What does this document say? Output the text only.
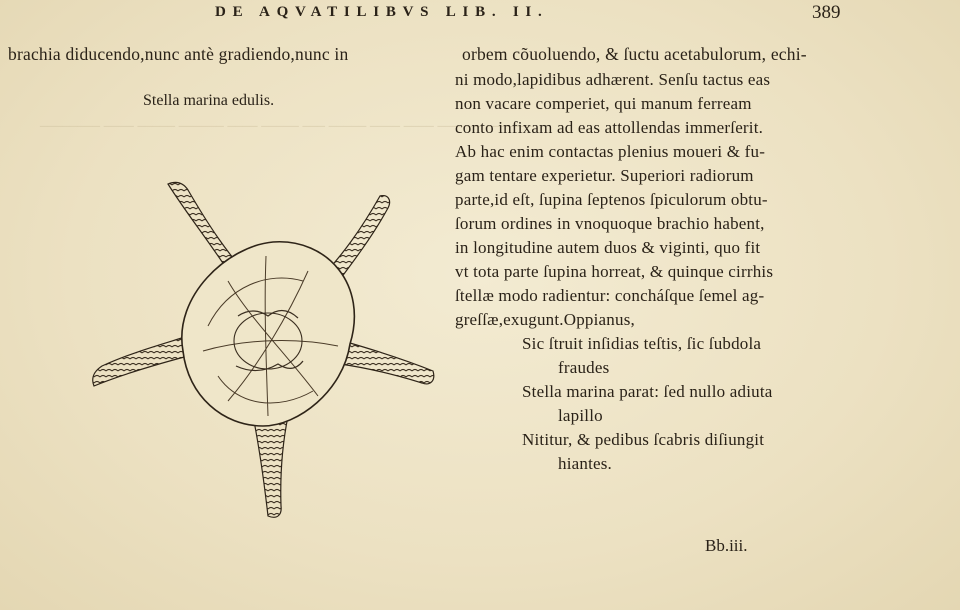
______ ______ ____ ____ _____ ___ _____ ____ ______ _____ ____ ________
DE AQVATILIBVS LIB. II.	389
brachia diducendo,nunc antè gradiendo,nunc in	orbem cõuoluendo, & ſuctu acetabulorum, echi-
Stella marina edulis.
ni modo,lapidibus adhærent. Senſu tactus eas
non vacare comperiet, qui manum ferream
conto infixam ad eas attollendas immerſerit.
Ab hac enim contactas plenius moueri & fu-
gam tentare experietur. Superiori radiorum
parte,id eſt, ſupina ſeptenos ſpiculorum obtu-
ſorum ordines in vnoquoque brachio habent,
in longitudine autem duos & viginti, quo fit
vt tota parte ſupina horreat, & quinque cirrhis
ſtellæ modo radientur: concháſque ſemel ag-
greſſæ,exugunt.Oppianus,
Sic ſtruit inſidias teſtis, ſic ſubdola
fraudes
Stella marina parat: ſed nullo adiuta
lapillo
Nititur, & pedibus ſcabris diſiungit
hiantes.
Bb.iii.
